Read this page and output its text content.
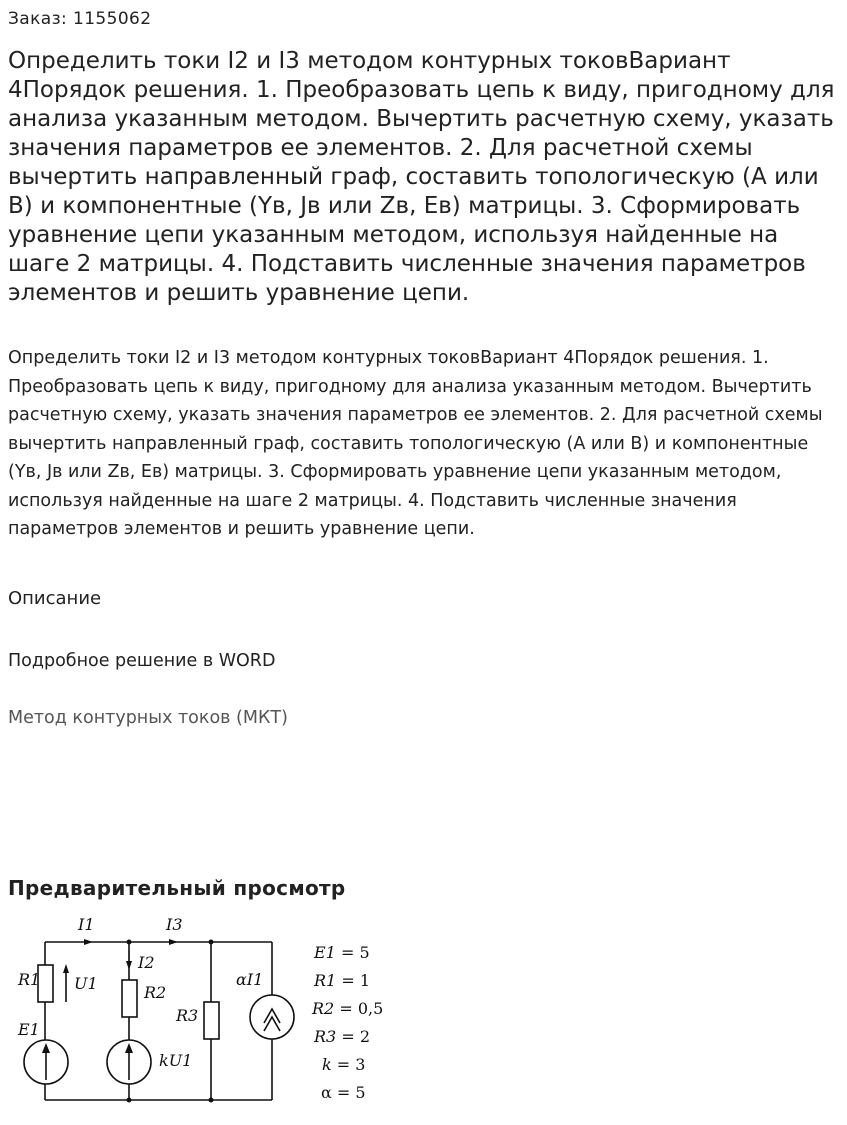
Заказ: 1155062
Определить токи I2 и I3 методом контурных токовВариант 4Порядок решения. 1. Преобразовать цепь к виду, пригодному для анализа указанным методом. Вычертить расчетную схему, указать значения параметров ее элементов. 2. Для расчетной схемы вычертить направленный граф, составить топологическую (А или В) и компонентные (Yв, Jв или Zв, Ев) матрицы. 3. Сформировать уравнение цепи указанным методом, используя найденные на шаге 2 матрицы. 4. Подставить численные значения параметров элементов и решить уравнение цепи.
Определить токи I2 и I3 методом контурных токовВариант 4Порядок решения. 1. Преобразовать цепь к виду, пригодному для анализа указанным методом. Вычертить расчетную схему, указать значения параметров ее элементов. 2. Для расчетной схемы вычертить направленный граф, составить топологическую (А или В) и компонентные (Yв, Jв или Zв, Ев) матрицы. 3. Сформировать уравнение цепи указанным методом, используя найденные на шаге 2 матрицы. 4. Подставить численные значения параметров элементов и решить уравнение цепи.
Описание
Подробное решение в WORD
Метод контурных токов (МКТ)
Предварительный просмотр
I1	I3
I2
R1 U1	R2
R3
αI1
E1
kU1
E1 = 5
R1 = 1
R2 = 0,5
R3 = 2
k = 3
α = 5
